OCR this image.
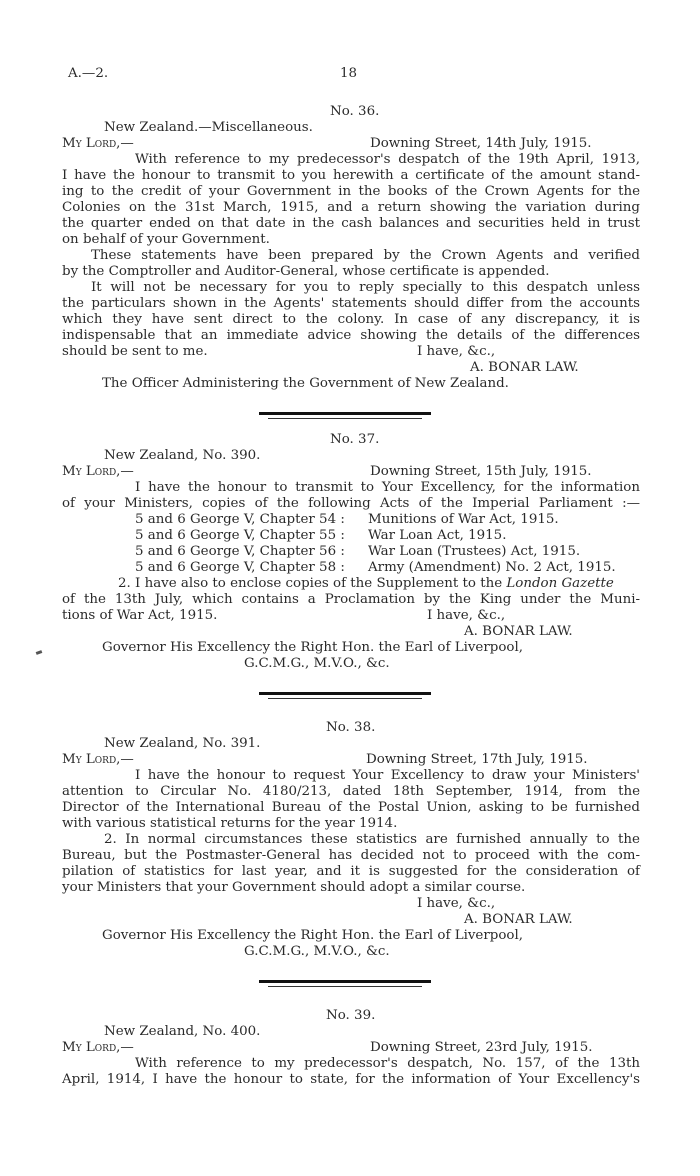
A.—2.	18
No. 36.
New Zealand.—Miscellaneous.
My Lord,—	Downing Street, 14th July, 1915.
With reference to my predecessor's despatch of the 19th April, 1913,
I have the honour to transmit to you herewith a certificate of the amount stand-
ing to the credit of your Government in the books of the Crown Agents for the
Colonies on the 31st March, 1915, and a return showing the variation during
the quarter ended on that date in the cash balances and securities held in trust
on behalf of your Government.
These statements have been prepared by the Crown Agents and verified
by the Comptroller and Auditor-General, whose certificate is appended.
It will not be necessary for you to reply specially to this despatch unless
the particulars shown in the Agents' statements should differ from the accounts
which they have sent direct to the colony. In case of any discrepancy, it is
indispensable that an immediate advice showing the details of the differences
should be sent to me.	I have, &c.,
A. BONAR LAW.
The Officer Administering the Government of New Zealand.
No. 37.
New Zealand, No. 390.
My Lord,—	Downing Street, 15th July, 1915.
I have the honour to transmit to Your Excellency, for the information
of your Ministers, copies of the following Acts of the Imperial Parliament :—
5 and 6 George V, Chapter 54 : Munitions of War Act, 1915.
5 and 6 George V, Chapter 55 : War Loan Act, 1915.
5 and 6 George V, Chapter 56 : War Loan (Trustees) Act, 1915.
5 and 6 George V, Chapter 58 : Army (Amendment) No. 2 Act, 1915.
2. I have also to enclose copies of the Supplement to the London Gazette
of the 13th July, which contains a Proclamation by the King under the Muni-
tions of War Act, 1915.	I have, &c.,
A. BONAR LAW.
Governor His Excellency the Right Hon. the Earl of Liverpool,
G.C.M.G., M.V.O., &c.
No. 38.
New Zealand, No. 391.
My Lord,—	Downing Street, 17th July, 1915.
I have the honour to request Your Excellency to draw your Ministers'
attention to Circular No. 4180/213, dated 18th September, 1914, from the
Director of the International Bureau of the Postal Union, asking to be furnished
with various statistical returns for the year 1914.
2. In normal circumstances these statistics are furnished annually to the
Bureau, but the Postmaster-General has decided not to proceed with the com-
pilation of statistics for last year, and it is suggested for the consideration of
your Ministers that your Government should adopt a similar course.
I have, &c.,
A. BONAR LAW.
Governor His Excellency the Right Hon. the Earl of Liverpool,
G.C.M.G., M.V.O., &c.
No. 39.
New Zealand, No. 400.
My Lord,—	Downing Street, 23rd July, 1915.
With reference to my predecessor's despatch, No. 157, of the 13th
April, 1914, I have the honour to state, for the information of Your Excellency's
